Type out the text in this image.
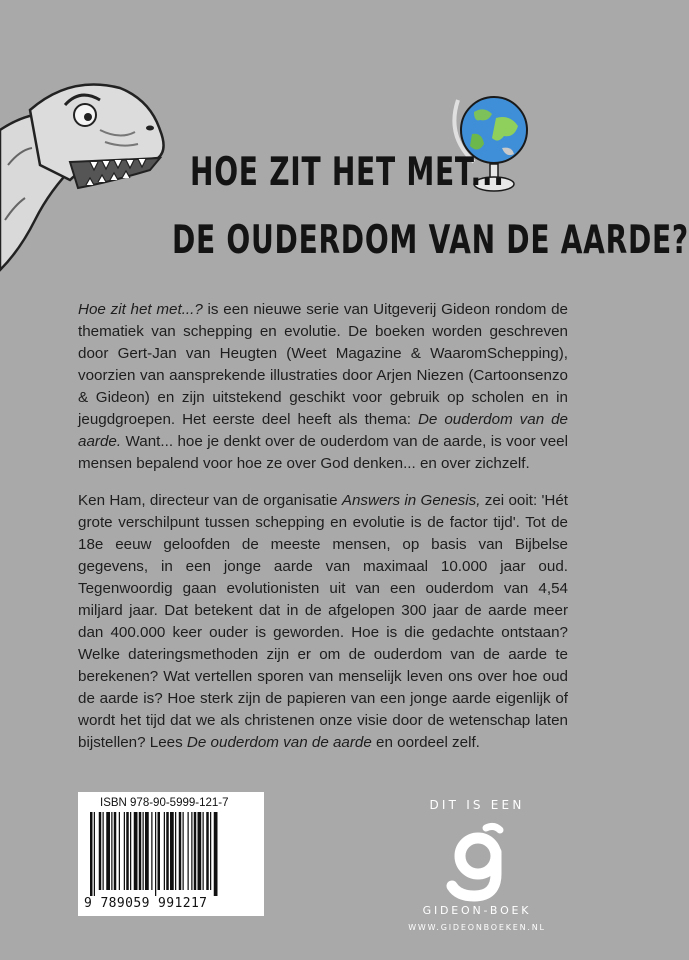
HOE ZIT HET MET...
DE OUDERDOM VAN DE AARDE?

Hoe zit het met...? is een nieuwe serie van Uitgeverij Gideon rondom de thematiek van schepping en evolutie. De boeken worden geschreven door Gert-Jan van Heugten (Weet Magazine & WaaromSchepping), voorzien van aansprekende illustraties door Arjen Niezen (Cartoonsenzo & Gideon) en zijn uitstekend geschikt voor gebruik op scholen en in jeugdgroepen. Het eerste deel heeft als thema: De ouderdom van de aarde. Want... hoe je denkt over de ouderdom van de aarde, is voor veel mensen bepalend voor hoe ze over God denken... en over zichzelf.

Ken Ham, directeur van de organisatie Answers in Genesis, zei ooit: 'Hét grote verschilpunt tussen schepping en evolutie is de factor tijd'. Tot de 18e eeuw geloofden de meeste mensen, op basis van Bijbelse gegevens, in een jonge aarde van maximaal 10.000 jaar oud. Tegenwoordig gaan evolutionisten uit van een ouderdom van 4,54 miljard jaar. Dat betekent dat in de afgelopen 300 jaar de aarde meer dan 400.000 keer ouder is geworden. Hoe is die gedachte ontstaan? Welke dateringsmethoden zijn er om de ouderdom van de aarde te berekenen? Wat vertellen sporen van menselijk leven ons over hoe oud de aarde is? Hoe sterk zijn de papieren van een jonge aarde eigenlijk of wordt het tijd dat we als christenen onze visie door de wetenschap laten bijstellen? Lees De ouderdom van de aarde en oordeel zelf.

ISBN 978-90-5999-121-7
9 789059 991217
DIT IS EEN
GIDEON-BOEK
WWW.GIDEONBOEKEN.NL
